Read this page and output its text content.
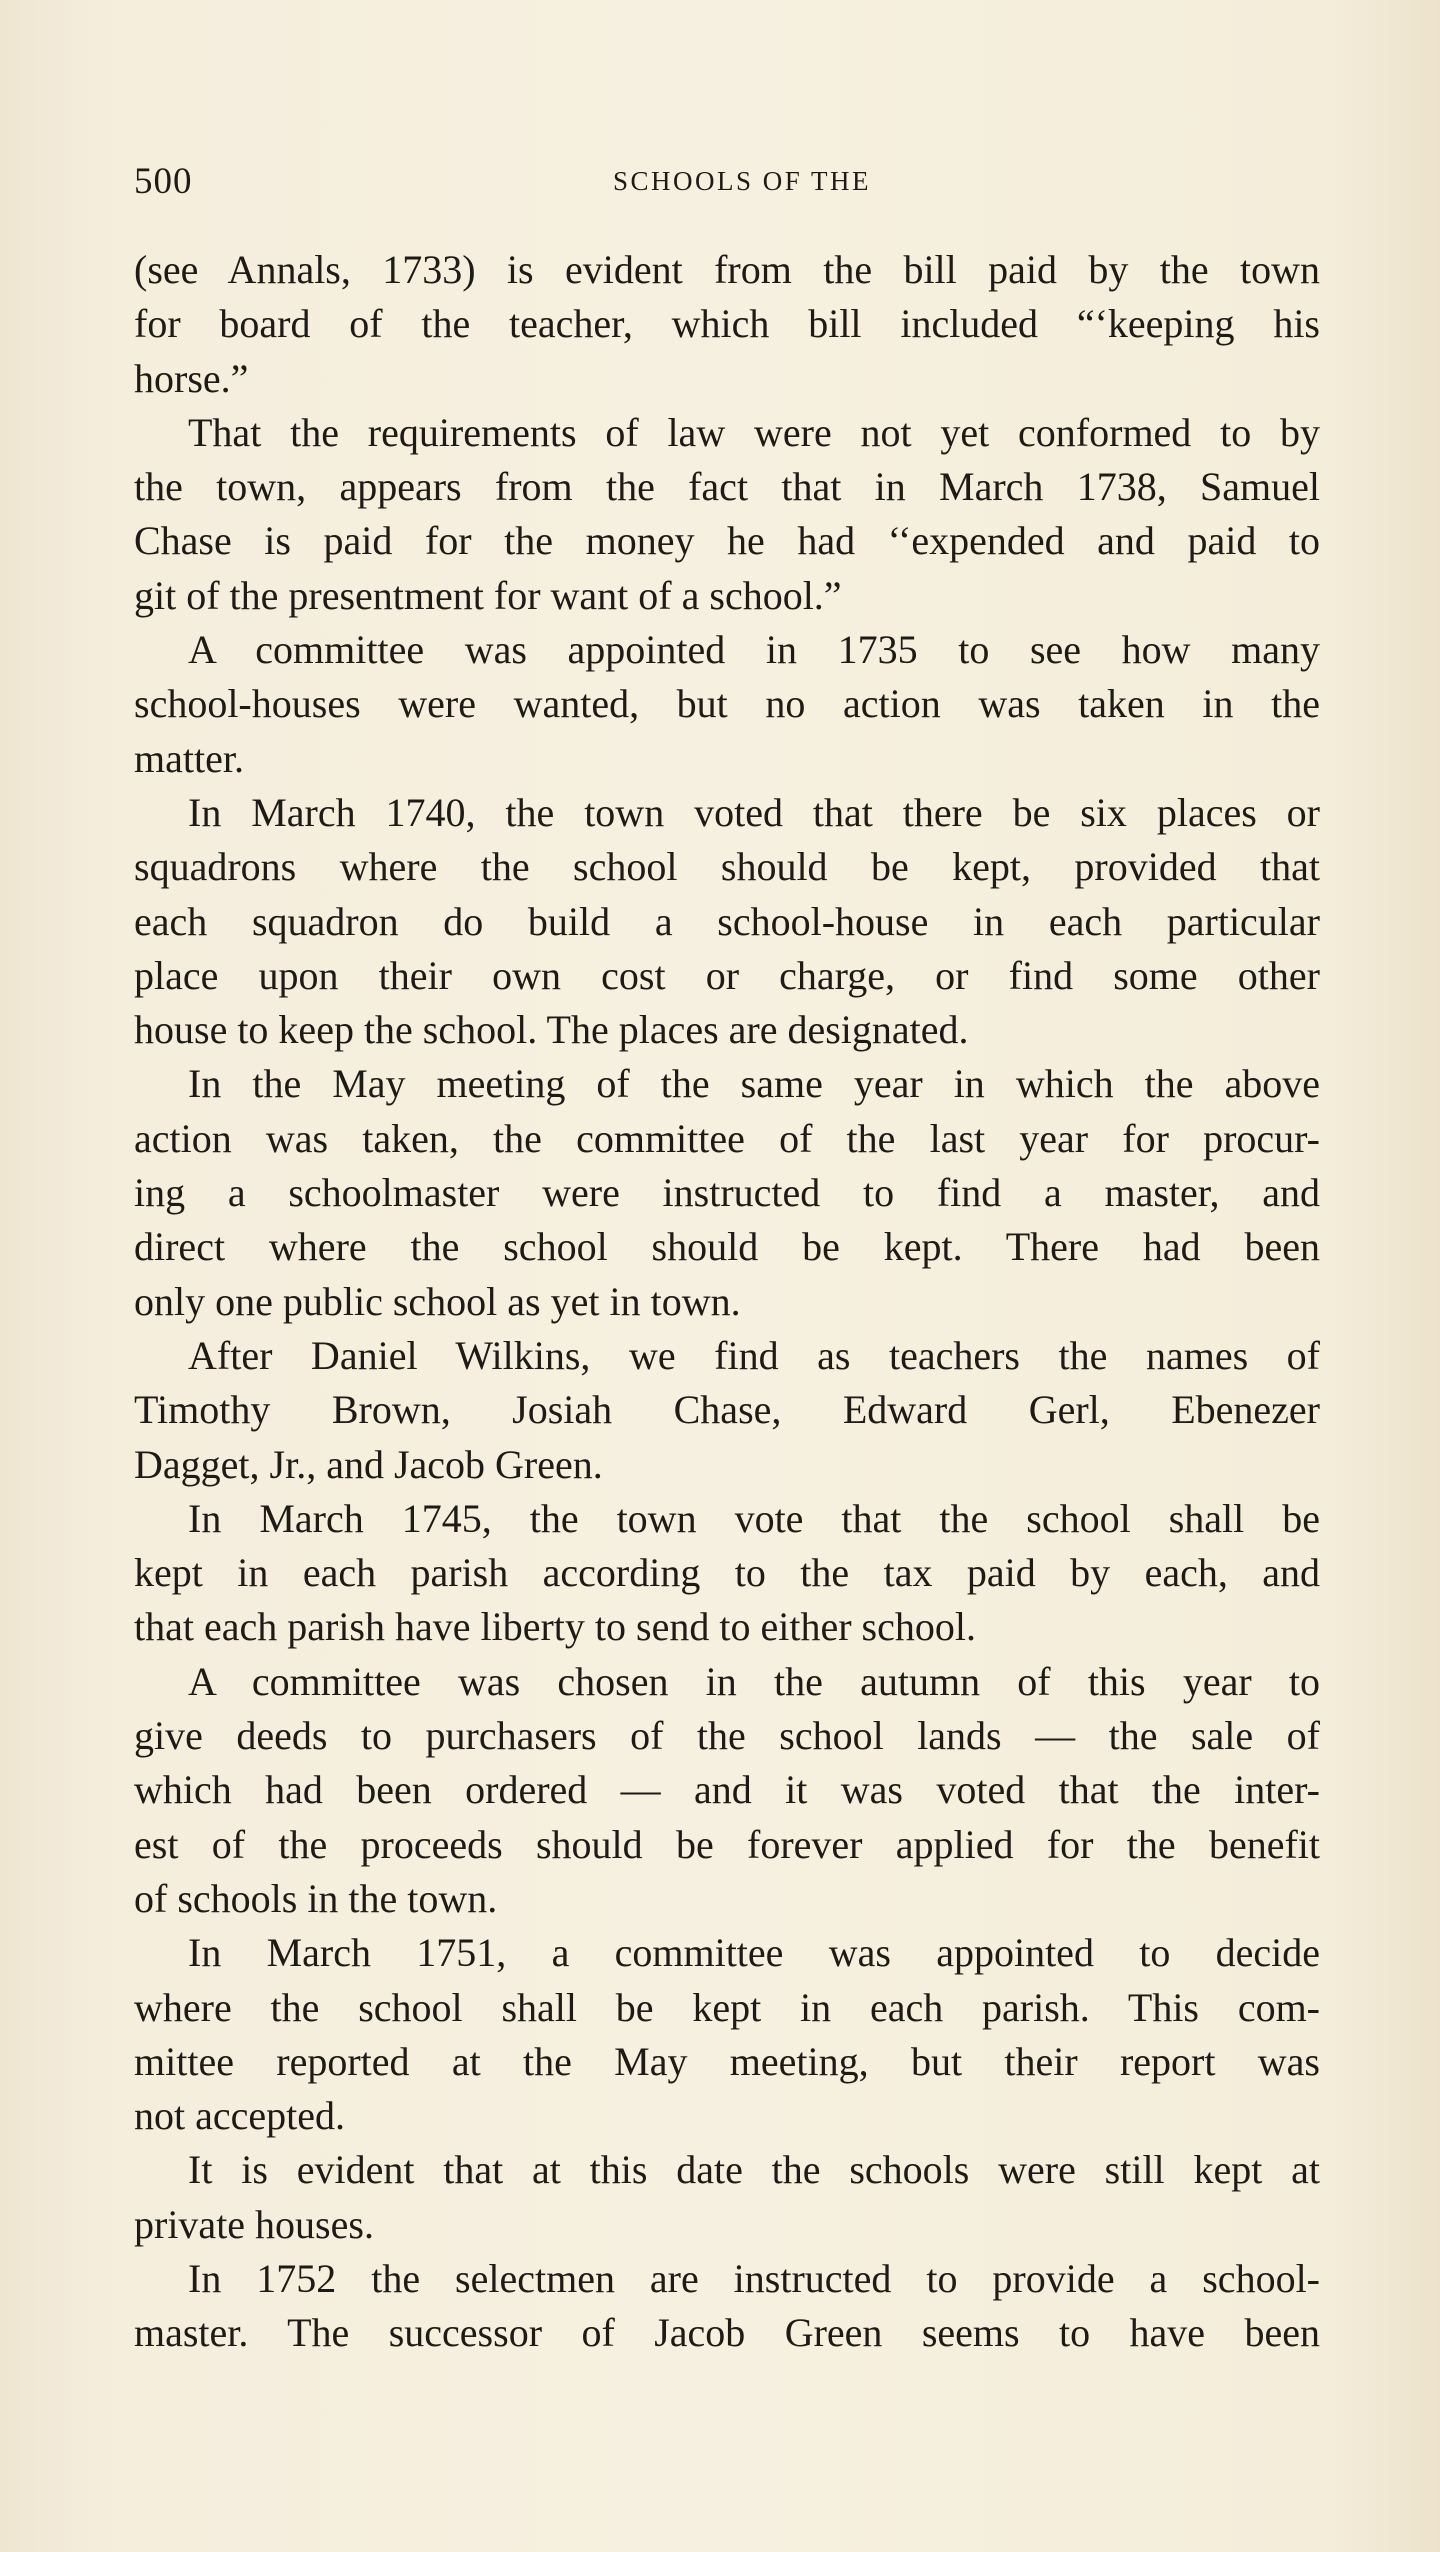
500	SCHOOLS OF THE
(see Annals, 1733) is evident from the bill paid by the town
for board of the teacher, which bill included “‘keeping his
horse.”
That the requirements of law were not yet conformed to by
the town, appears from the fact that in March 1738, Samuel
Chase is paid for the money he had ‘‘expended and paid to
git of the presentment for want of a school.”
A committee was appointed in 1735 to see how many
school-houses were wanted, but no action was taken in the
matter.
In March 1740, the town voted that there be six places or
squadrons where the school should be kept, provided that
each squadron do build a school-house in each particular
place upon their own cost or charge, or find some other
house to keep the school. The places are designated.
In the May meeting of the same year in which the above
action was taken, the committee of the last year for procur-
ing a schoolmaster were instructed to find a master, and
direct where the school should be kept. There had been
only one public school as yet in town.
After Daniel Wilkins, we find as teachers the names of
Timothy Brown, Josiah Chase, Edward Gerl, Ebenezer
Dagget, Jr., and Jacob Green.
In March 1745, the town vote that the school shall be
kept in each parish according to the tax paid by each, and
that each parish have liberty to send to either school.
A committee was chosen in the autumn of this year to
give deeds to purchasers of the school lands — the sale of
which had been ordered — and it was voted that the inter-
est of the proceeds should be forever applied for the benefit
of schools in the town.
In March 1751, a committee was appointed to decide
where the school shall be kept in each parish. This com-
mittee reported at the May meeting, but their report was
not accepted.
It is evident that at this date the schools were still kept at
private houses.
In 1752 the selectmen are instructed to provide a school-
master. The successor of Jacob Green seems to have been
